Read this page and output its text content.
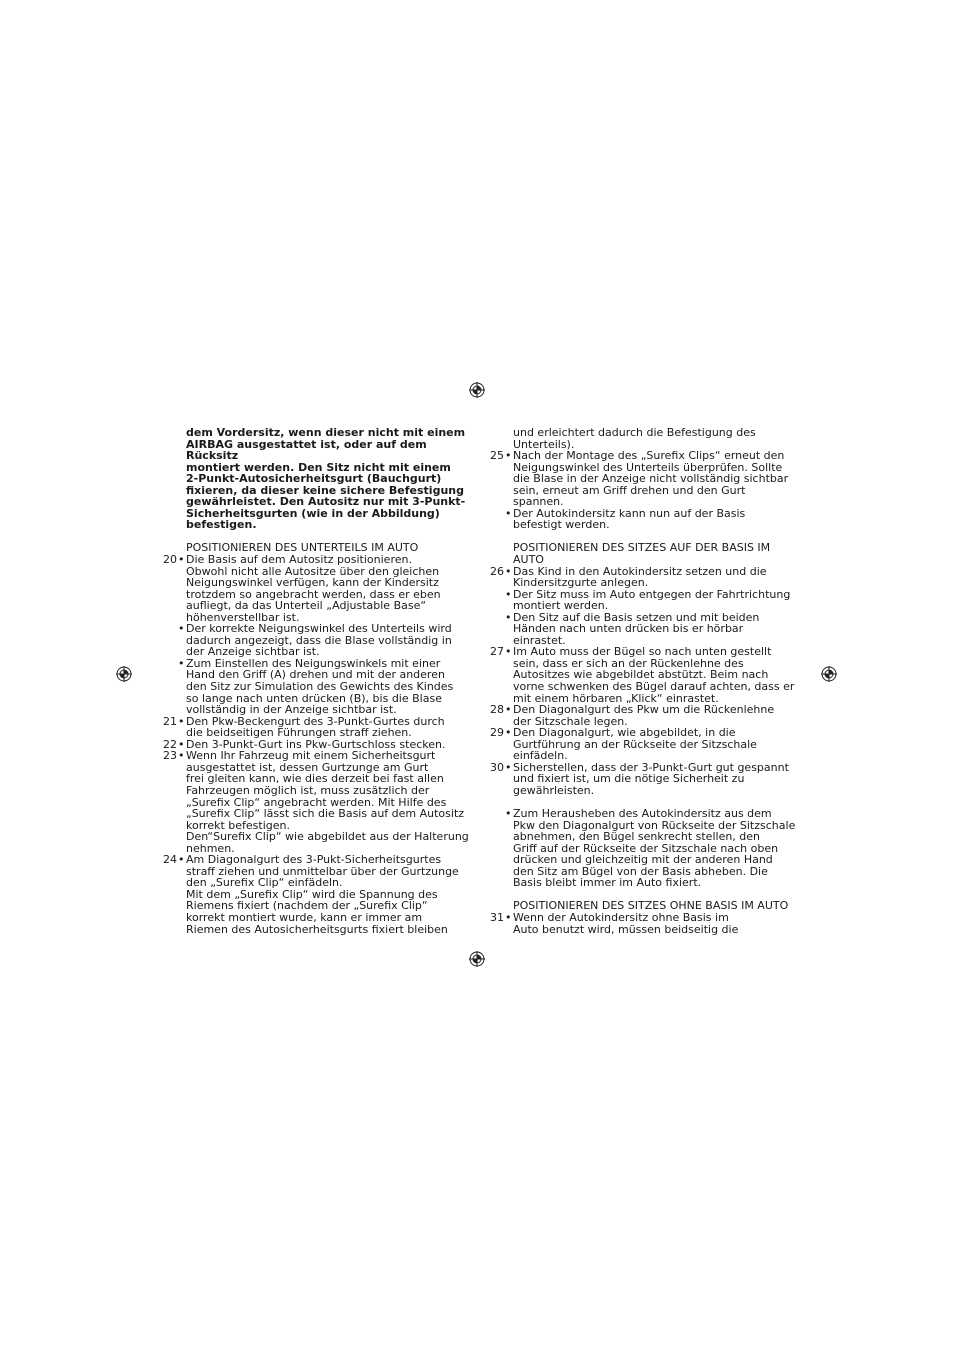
dem Vordersitz, wenn dieser nicht mit einem
AIRBAG ausgestattet ist, oder auf dem Rücksitz
montiert werden. Den Sitz nicht mit einem
2-Punkt-Autosicherheitsgurt (Bauchgurt)
fixieren, da dieser keine sichere Befestigung
gewährleistet. Den Autositz nur mit 3-Punkt-
Sicherheitsgurten (wie in der Abbildung)
befestigen.
POSITIONIEREN DES UNTERTEILS IM AUTO
20 • Die Basis auf dem Autositz positionieren.
Obwohl nicht alle Autositze über den gleichen
Neigungswinkel verfügen, kann der Kindersitz
trotzdem so angebracht werden, dass er eben
aufliegt, da das Unterteil „Adjustable Base“
höhenverstellbar ist.
• Der korrekte Neigungswinkel des Unterteils wird
dadurch angezeigt, dass die Blase vollständig in
der Anzeige sichtbar ist.
• Zum Einstellen des Neigungswinkels mit einer
Hand den Griff (A) drehen und mit der anderen
den Sitz zur Simulation des Gewichts des Kindes
so lange nach unten drücken (B), bis die Blase
vollständig in der Anzeige sichtbar ist.
21 • Den Pkw-Beckengurt des 3-Punkt-Gurtes durch
die beidseitigen Führungen straff ziehen.
22 • Den 3-Punkt-Gurt ins Pkw-Gurtschloss stecken.
23 • Wenn Ihr Fahrzeug mit einem Sicherheitsgurt
ausgestattet ist, dessen Gurtzunge am Gurt
frei gleiten kann, wie dies derzeit bei fast allen
Fahrzeugen möglich ist, muss zusätzlich der
„Surefix Clip“ angebracht werden. Mit Hilfe des
„Surefix Clip“ lässt sich die Basis auf dem Autositz
korrekt befestigen.
Den“Surefix Clip“ wie abgebildet aus der Halterung
nehmen.
24 • Am Diagonalgurt des 3-Pukt-Sicherheitsgurtes
straff ziehen und unmittelbar über der Gurtzunge
den „Surefix Clip“ einfädeln.
Mit dem „Surefix Clip“ wird die Spannung des
Riemens fixiert (nachdem der „Surefix Clip“
korrekt montiert wurde, kann er immer am
Riemen des Autosicherheitsgurts fixiert bleiben
und erleichtert dadurch die Befestigung des
Unterteils).
25 • Nach der Montage des „Surefix Clips“ erneut den
Neigungswinkel des Unterteils überprüfen. Sollte
die Blase in der Anzeige nicht vollständig sichtbar
sein, erneut am Griff drehen und den Gurt
spannen.
• Der Autokindersitz kann nun auf der Basis
befestigt werden.
POSITIONIEREN DES SITZES AUF DER BASIS IM
AUTO
26 • Das Kind in den Autokindersitz setzen und die
Kindersitzgurte anlegen.
• Der Sitz muss im Auto entgegen der Fahrtrichtung
montiert werden.
• Den Sitz auf die Basis setzen und mit beiden
Händen nach unten drücken bis er hörbar einrastet.
27 • Im Auto muss der Bügel so nach unten gestellt
sein, dass er sich an der Rückenlehne des
Autositzes wie abgebildet abstützt. Beim nach
vorne schwenken des Bügel darauf achten, dass er
mit einem hörbaren „Klick“ einrastet.
28 • Den Diagonalgurt des Pkw um die Rückenlehne
der Sitzschale legen.
29 • Den Diagonalgurt, wie abgebildet, in die
Gurtführung an der Rückseite der Sitzschale
einfädeln.
30 • Sicherstellen, dass der 3-Punkt-Gurt gut gespannt
und fixiert ist, um die nötige Sicherheit zu
gewährleisten.
• Zum Herausheben des Autokindersitz aus dem
Pkw den Diagonalgurt von Rückseite der Sitzschale
abnehmen, den Bügel senkrecht stellen, den
Griff auf der Rückseite der Sitzschale nach oben
drücken und gleichzeitig mit der anderen Hand
den Sitz am Bügel von der Basis abheben. Die
Basis bleibt immer im Auto fixiert.
POSITIONIEREN DES SITZES OHNE BASIS IM AUTO
31 • Wenn der Autokindersitz ohne Basis im
Auto benutzt wird, müssen beidseitig die
